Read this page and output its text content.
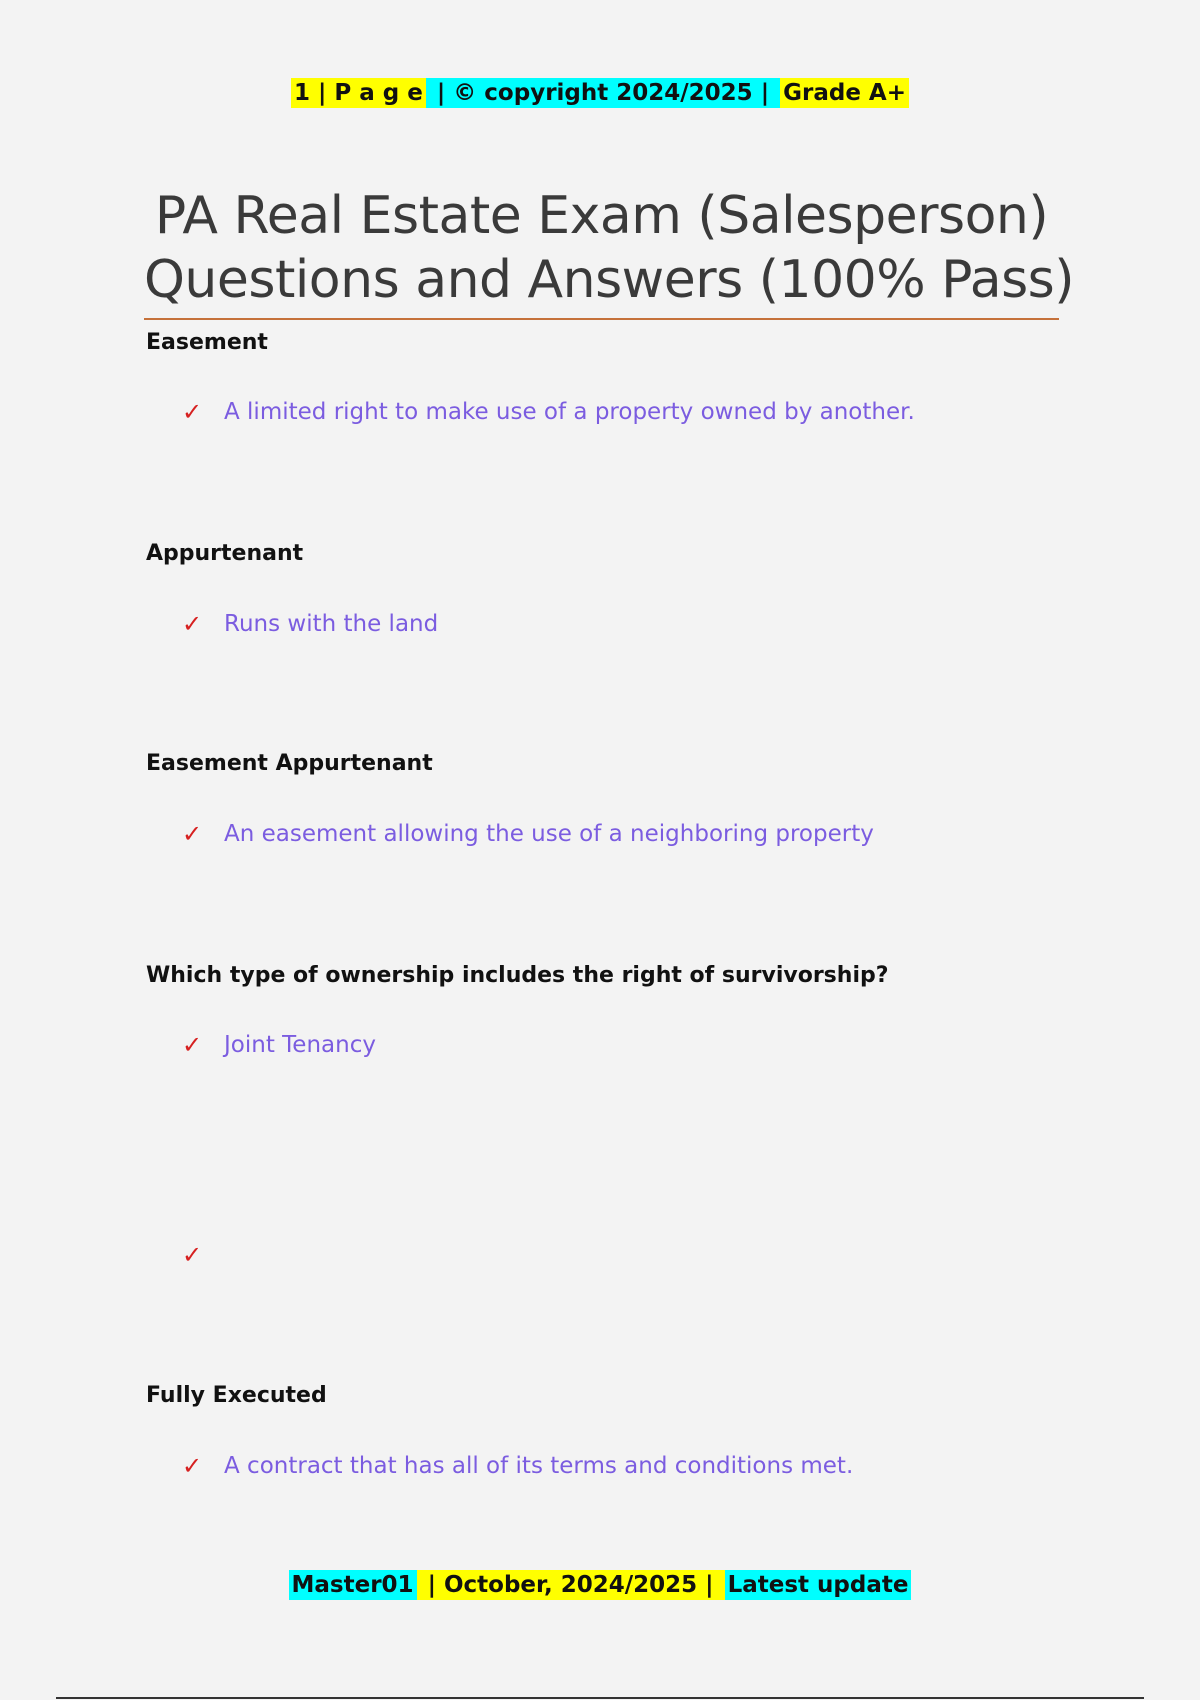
1 | P a g e | © copyright 2024/2025 | Grade A+
PA Real Estate Exam (Salesperson)
Questions and Answers (100% Pass)
Easement
✓ A limited right to make use of a property owned by another.
Appurtenant
✓ Runs with the land
Easement Appurtenant
✓ An easement allowing the use of a neighboring property
Which type of ownership includes the right of survivorship?
✓ Joint Tenancy
✓
Fully Executed
✓ A contract that has all of its terms and conditions met.
Master01 | October, 2024/2025 | Latest update
